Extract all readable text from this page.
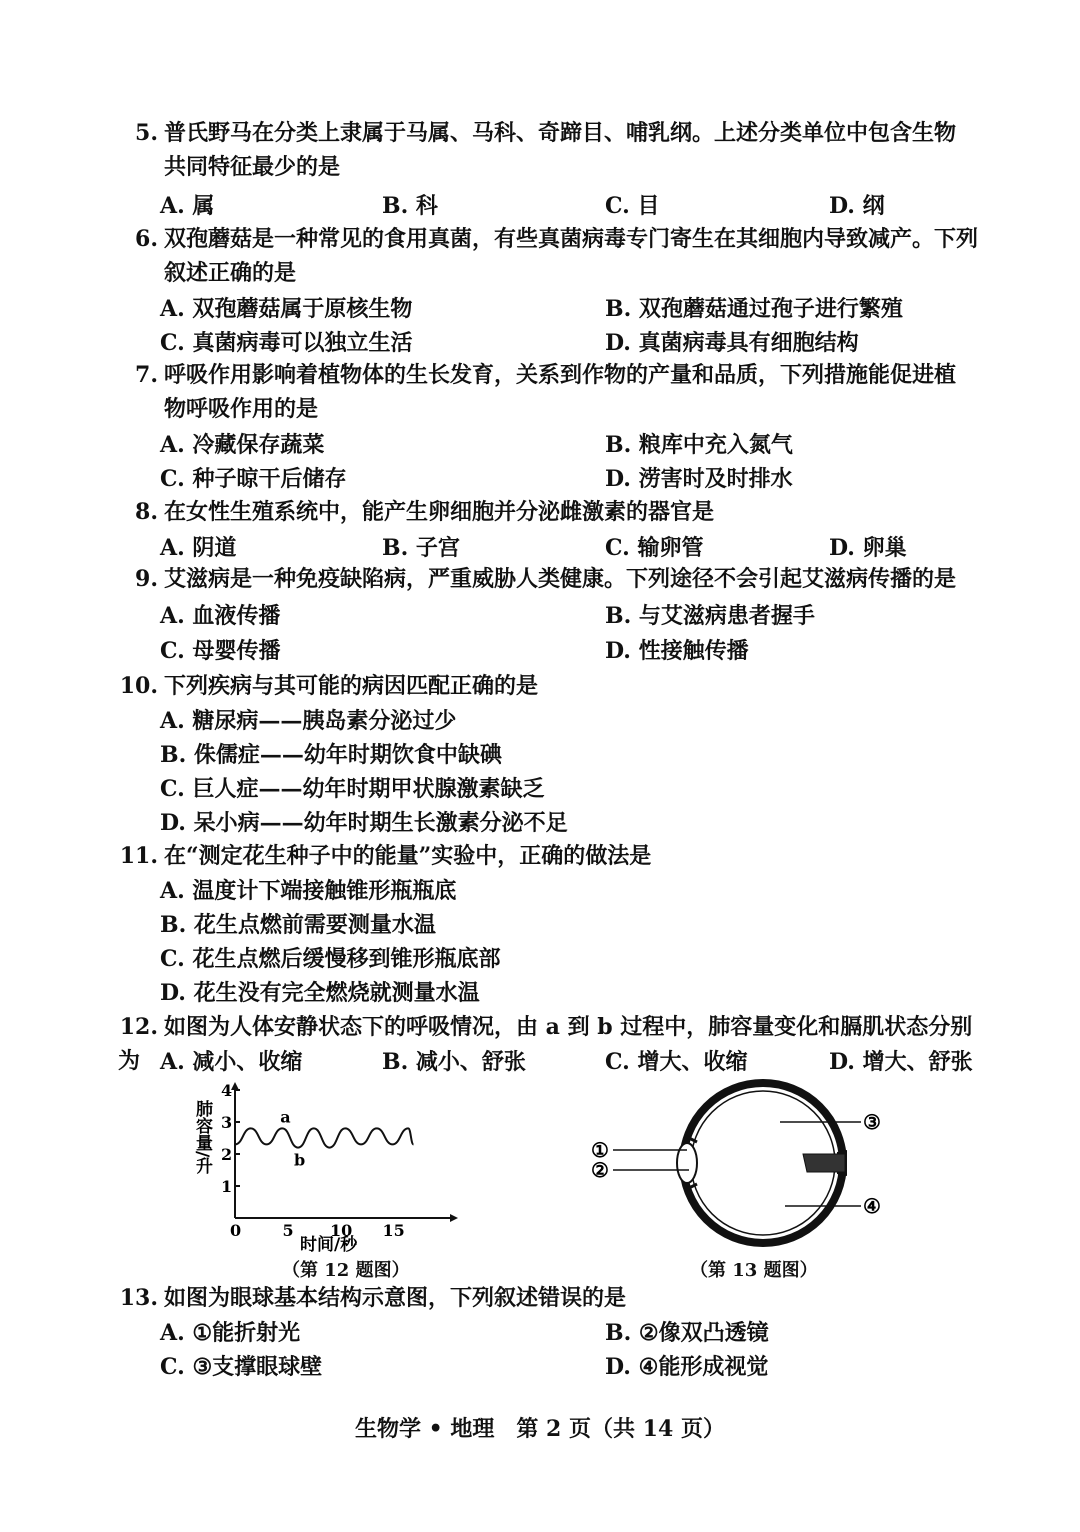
5. 普氏野马在分类上隶属于马属、马科、奇蹄目、哺乳纲。上述分类单位中包含生物
共同特征最少的是
A. 属	B. 科	C. 目	D. 纲
6. 双孢蘑菇是一种常见的食用真菌，有些真菌病毒专门寄生在其细胞内导致减产。下列
叙述正确的是
A. 双孢蘑菇属于原核生物	B. 双孢蘑菇通过孢子进行繁殖
C. 真菌病毒可以独立生活	D. 真菌病毒具有细胞结构
7. 呼吸作用影响着植物体的生长发育，关系到作物的产量和品质，下列措施能促进植
物呼吸作用的是
A. 冷藏保存蔬菜	B. 粮库中充入氮气
C. 种子晾干后储存	D. 涝害时及时排水
8. 在女性生殖系统中，能产生卵细胞并分泌雌激素的器官是
A. 阴道	B. 子宫	C. 输卵管	D. 卵巢
9. 艾滋病是一种免疫缺陷病，严重威胁人类健康。下列途径不会引起艾滋病传播的是
A. 血液传播	B. 与艾滋病患者握手
C. 母婴传播	D. 性接触传播
10. 下列疾病与其可能的病因匹配正确的是
A. 糖尿病——胰岛素分泌过少
B. 侏儒症——幼年时期饮食中缺碘
C. 巨人症——幼年时期甲状腺激素缺乏
D. 呆小病——幼年时期生长激素分泌不足
11. 在“测定花生种子中的能量”实验中，正确的做法是
A. 温度计下端接触锥形瓶瓶底
B. 花生点燃前需要测量水温
C. 花生点燃后缓慢移到锥形瓶底部
D. 花生没有完全燃烧就测量水温
12. 如图为人体安静状态下的呼吸情况，由 a 到 b 过程中，肺容量变化和膈肌状态分别为 A. 减小、收缩	B. 减小、舒张	C. 增大、收缩	D. 增大、舒张
肺容量/升
1
2
3
4
0	5 10 15
a
b
时间/秒
（第 12 题图）
①
②
③
④
（第 13 题图）
13. 如图为眼球基本结构示意图，下列叙述错误的是
A. ①能折射光	B. ②像双凸透镜
C. ③支撑眼球壁	D. ④能形成视觉
生物学 • 地理　第 2 页（共 14 页）
